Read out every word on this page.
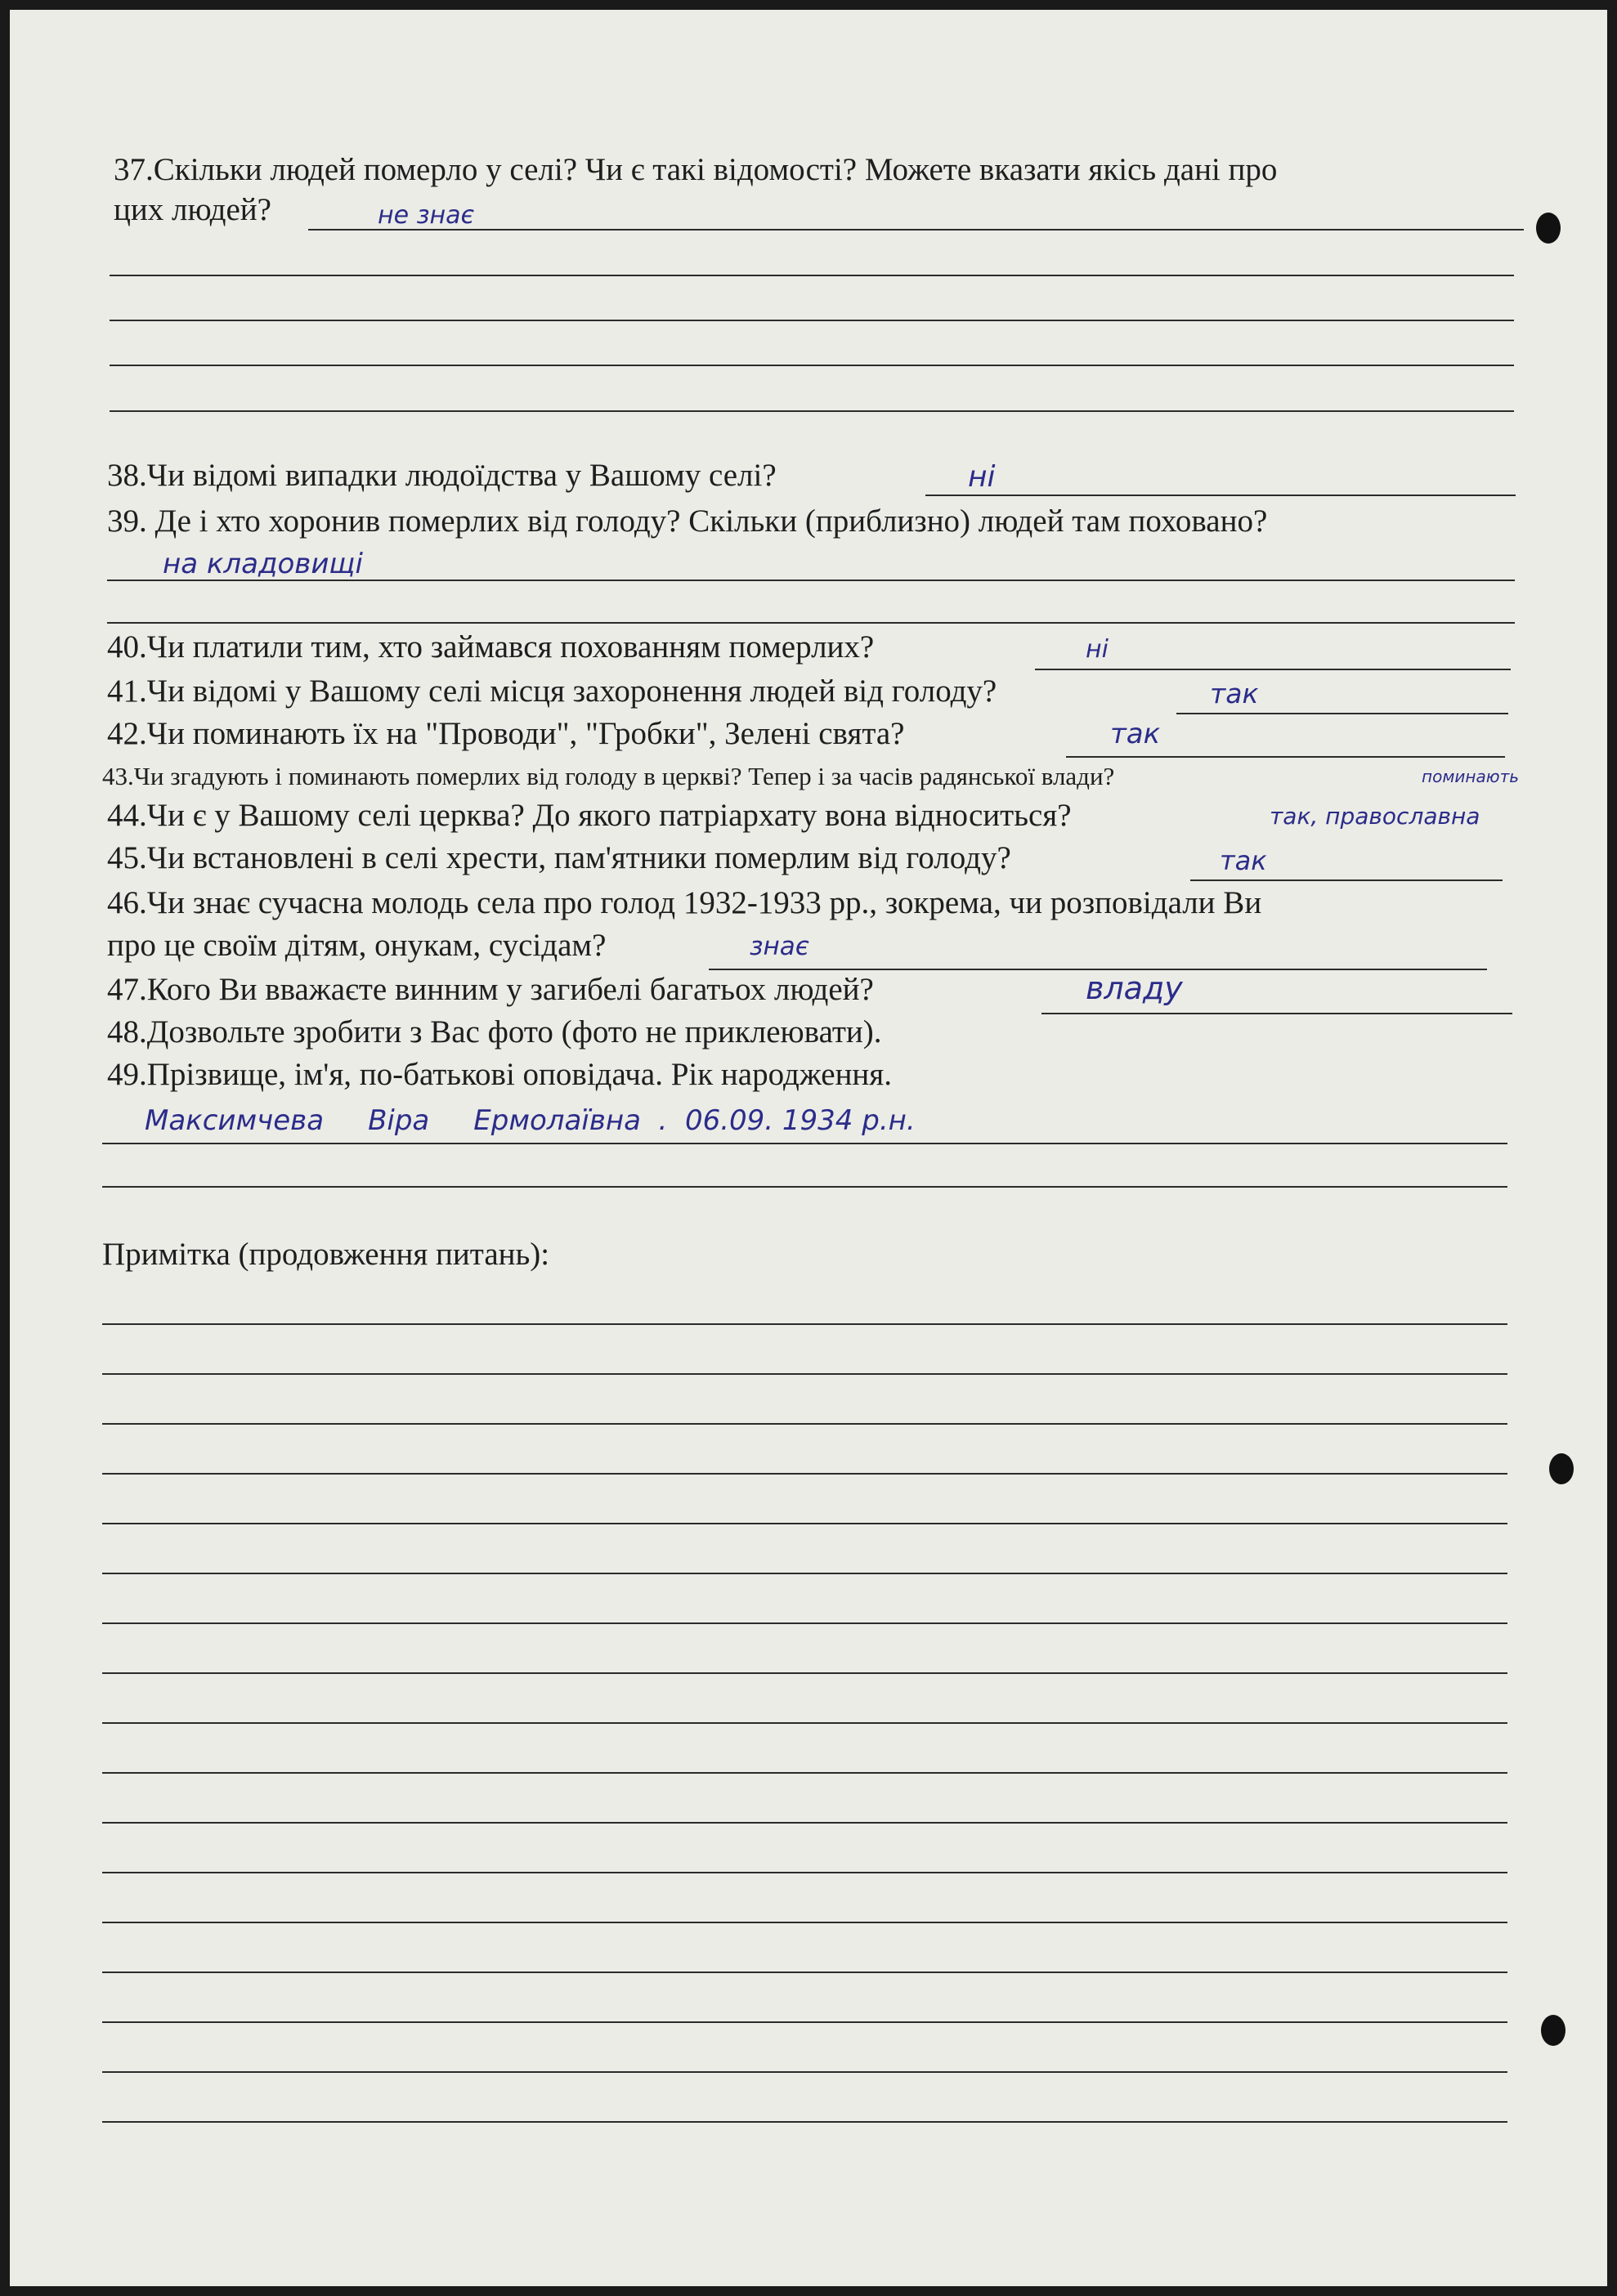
37.Скільки людей померло у селі? Чи є такі відомості? Можете вказати якісь дані про
цих людей?	не знає
38.Чи відомі випадки людоїдства у Вашому селі?	ні
39. Де і хто хоронив померлих від голоду? Скільки (приблизно) людей там поховано?
на кладовищі
40.Чи платили тим, хто займався похованням померлих?	ні
41.Чи відомі у Вашому селі місця захоронення людей від голоду?	так
42.Чи поминають їх на "Проводи", "Гробки", Зелені свята?	так
43.Чи згадують і поминають померлих від голоду в церкві? Тепер і за часів радянської влади?	поминають
44.Чи є у Вашому селі церква? До якого патріархату вона відноситься?	так, православна
45.Чи встановлені в селі хрести, пам'ятники померлим від голоду?	так
46.Чи знає сучасна молодь села про голод 1932-1933 рр., зокрема, чи розповідали Ви
про це своїм дітям, онукам, сусідам?	знає
47.Кого Ви вважаєте винним у загибелі багатьох людей?	владу
48.Дозвольте зробити з Вас фото (фото не приклеювати).
49.Прізвище, ім'я, по-батькові оповідача. Рік народження.
Максимчева     Віра     Ермолаївна  .  06.09. 1934 р.н.
Примітка (продовження питань):
